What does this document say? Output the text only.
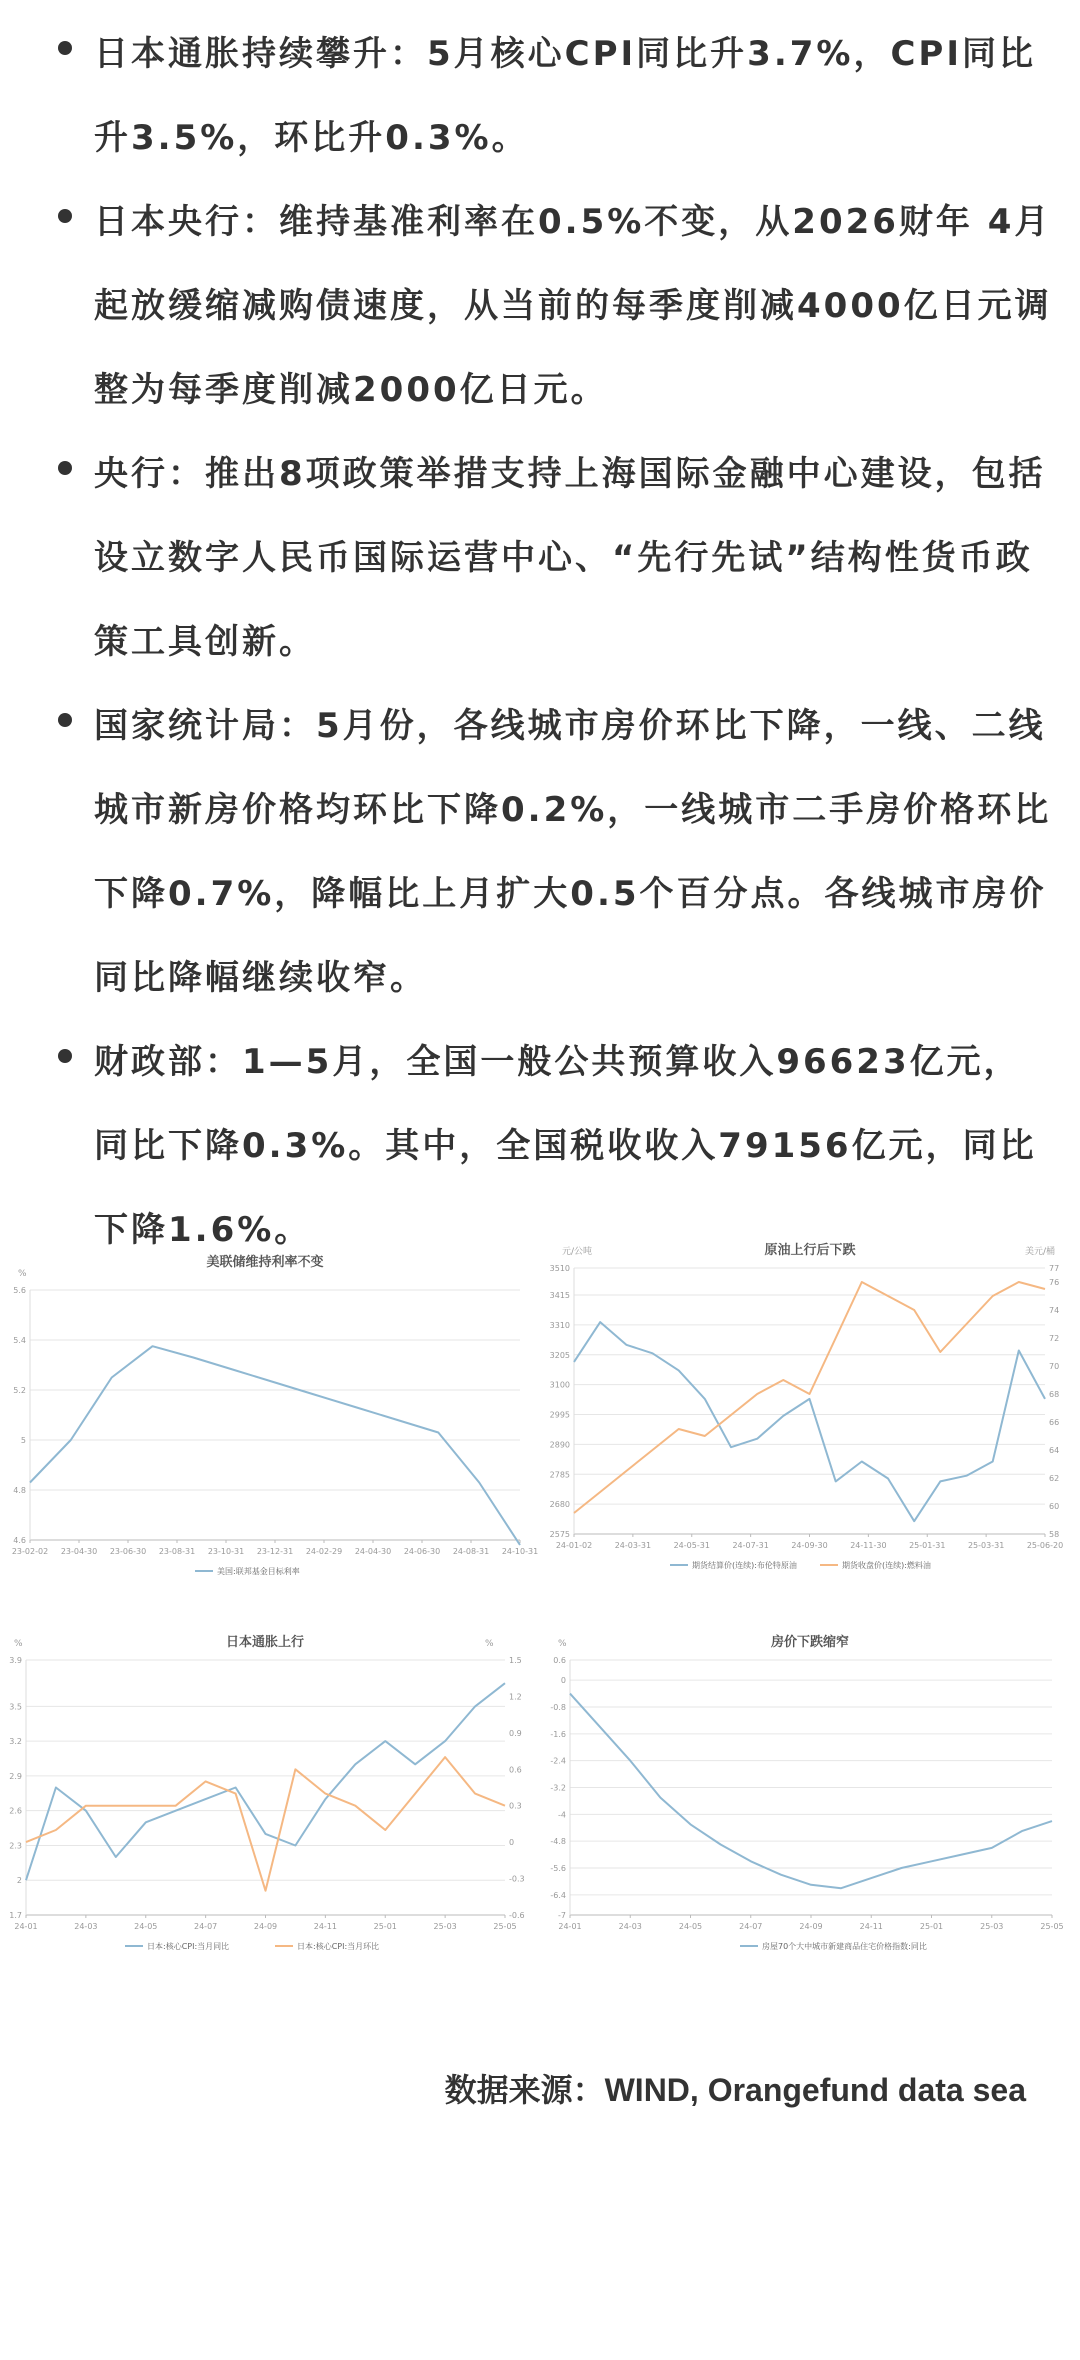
日本通胀持续攀升：5月核心CPI同比升3.7%，CPI同比升3.5%，环比升0.3%。
日本央行：维持基准利率在0.5%不变，从2026财年 4月起放缓缩减购债速度，从当前的每季度削减4000亿日元调整为每季度削减2000亿日元。
央行：推出8项政策举措支持上海国际金融中心建设，包括设立数字人民币国际运营中心、“先行先试”结构性货币政策工具创新。
国家统计局：5月份，各线城市房价环比下降，一线、二线城市新房价格均环比下降0.2%，一线城市二手房价格环比下降0.7%，降幅比上月扩大0.5个百分点。各线城市房价同比降幅继续收窄。
财政部：1—5月，全国一般公共预算收入96623亿元，同比下降0.3%。其中，全国税收收入79156亿元，同比下降1.6%。
美联储维持利率不变
%
4.6
4.8
5
5.2
5.4
5.6
23-02-02 23-04-30 23-06-30 23-08-31 23-10-31 23-12-31 24-02-29 24-04-30 24-06-30 24-08-31 24-10-31
美国:联邦基金目标利率
原油上行后下跌
元/公吨	美元/桶
2575
2680
2785
2890
2995
3100
3205
3310
3415
3510
58
60
62
64
66
68
70
72
74
76
77
24-01-02	24-03-31	24-05-31	24-07-31	24-09-30	24-11-30	25-01-31	25-03-31	25-06-20
期货结算价(连续):布伦特原油	期货收盘价(连续):燃料油
日本通胀上行
%	%
1.7
2
2.3
2.6
2.9
3.2
3.5
3.9
-0.6
-0.3
0
0.3
0.6
0.9
1.2
1.5
24-01	24-03	24-05	24-07	24-09	24-11	25-01	25-03	25-05
日本:核心CPI:当月同比	日本:核心CPI:当月环比
房价下跌缩窄
%
-7
-6.4
-5.6
-4.8
-4
-3.2
-2.4
-1.6
-0.8
0
0.6
24-01	24-03	24-05	24-07	24-09	24-11	25-01	25-03	25-05
房屋70个大中城市新建商品住宅价格指数:同比
数据来源：WIND, Orangefund data sea
